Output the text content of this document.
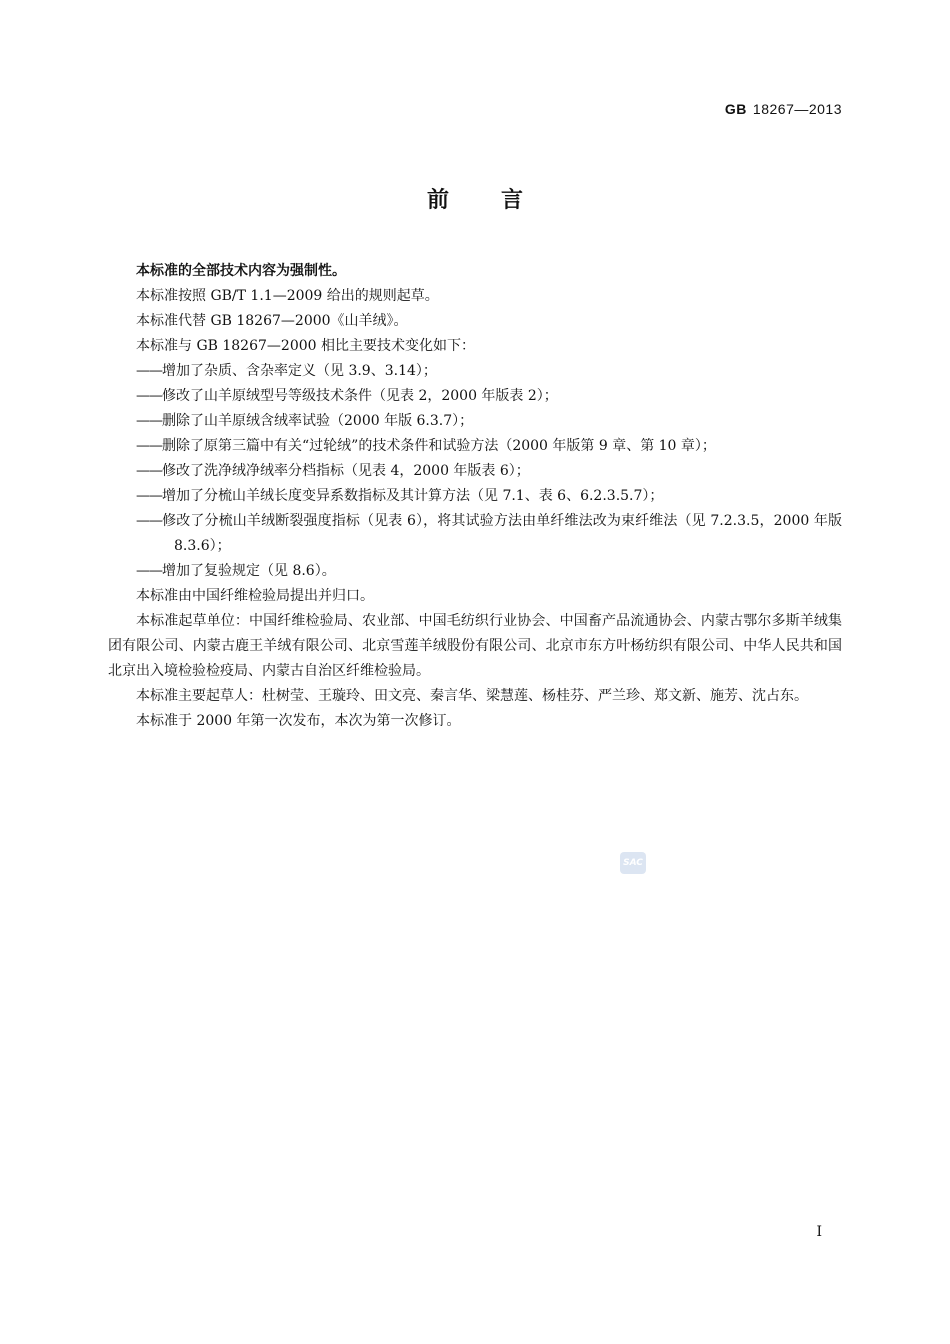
GB 18267—2013
前言

本标准的全部技术内容为强制性。

本标准按照 GB/T 1.1—2009 给出的规则起草。

本标准代替 GB 18267—2000《山羊绒》。

本标准与 GB 18267—2000 相比主要技术变化如下：

——增加了杂质、含杂率定义（见 3.9、3.14）；

——修改了山羊原绒型号等级技术条件（见表 2，2000 年版表 2）；

——删除了山羊原绒含绒率试验（2000 年版 6.3.7）；

——删除了原第三篇中有关“过轮绒”的技术条件和试验方法（2000 年版第 9 章、第 10 章）；

——修改了洗净绒净绒率分档指标（见表 4，2000 年版表 6）；

——增加了分梳山羊绒长度变异系数指标及其计算方法（见 7.1、表 6、6.2.3.5.7）；

——修改了分梳山羊绒断裂强度指标（见表 6），将其试验方法由单纤维法改为束纤维法（见 7.2.3.5，2000 年版 8.3.6）；

——增加了复验规定（见 8.6）。

本标准由中国纤维检验局提出并归口。

本标准起草单位：中国纤维检验局、农业部、中国毛纺织行业协会、中国畜产品流通协会、内蒙古鄂尔多斯羊绒集团有限公司、内蒙古鹿王羊绒有限公司、北京雪莲羊绒股份有限公司、北京市东方叶杨纺织有限公司、中华人民共和国北京出入境检验检疫局、内蒙古自治区纤维检验局。

本标准主要起草人：杜树莹、王璇玲、田文亮、秦言华、梁慧莲、杨桂芬、严兰珍、郑文新、施芳、沈占东。

本标准于 2000 年第一次发布，本次为第一次修订。

SAC
I
